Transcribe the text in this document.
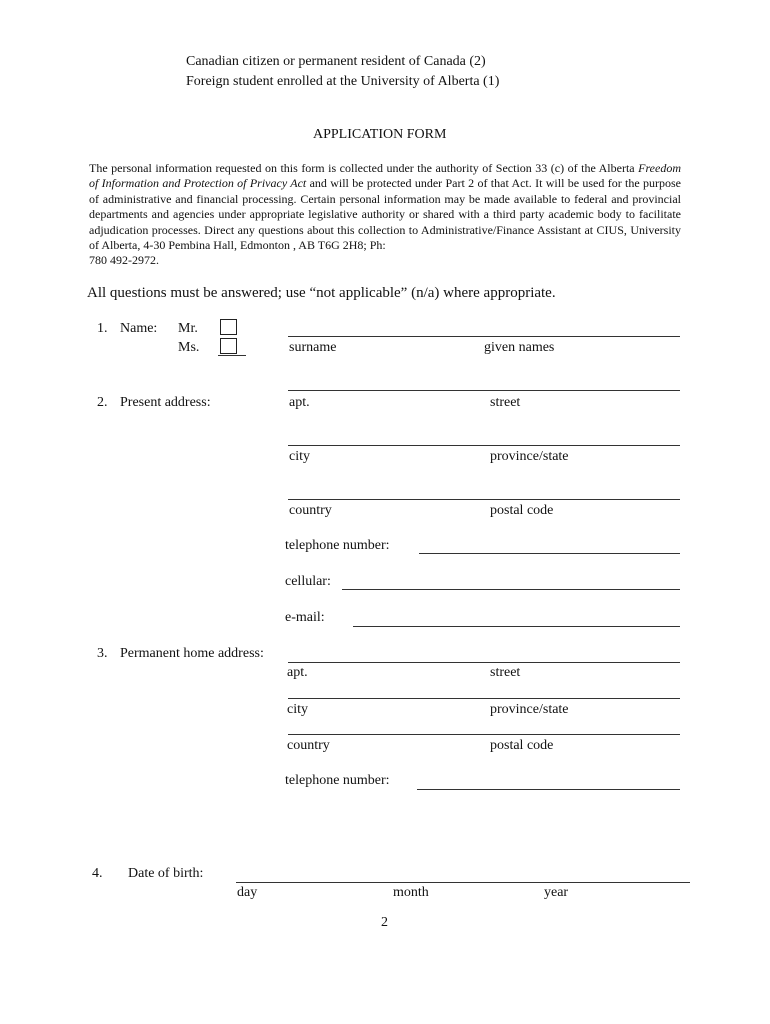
Canadian citizen or permanent resident of Canada (2)
Foreign student enrolled at the University of Alberta (1)
APPLICATION FORM
The personal information requested on this form is collected under the authority of Section 33 (c) of the Alberta Freedom of Information and Protection of Privacy Act and will be protected under Part 2 of that Act. It will be used for the purpose of administrative and financial processing. Certain personal information may be made available to federal and provincial departments and agencies under appropriate legislative authority or shared with a third party academic body to facilitate adjudication processes. Direct any questions about this collection to Administrative/Finance Assistant at CIUS, University of Alberta, 4-30 Pembina Hall, Edmonton , AB T6G 2H8; Ph:
780 492-2972.
All questions must be answered; use “not applicable” (n/a) where appropriate.
1. Name: Mr.
Ms.	surname	given names
2. Present address:	apt.	street
city	province/state
country	postal code
telephone number:
cellular:
e-mail:
3. Permanent home address:
apt.	street
city	province/state
country	postal code
telephone number:
4. Date of birth:
day	month	year
2
